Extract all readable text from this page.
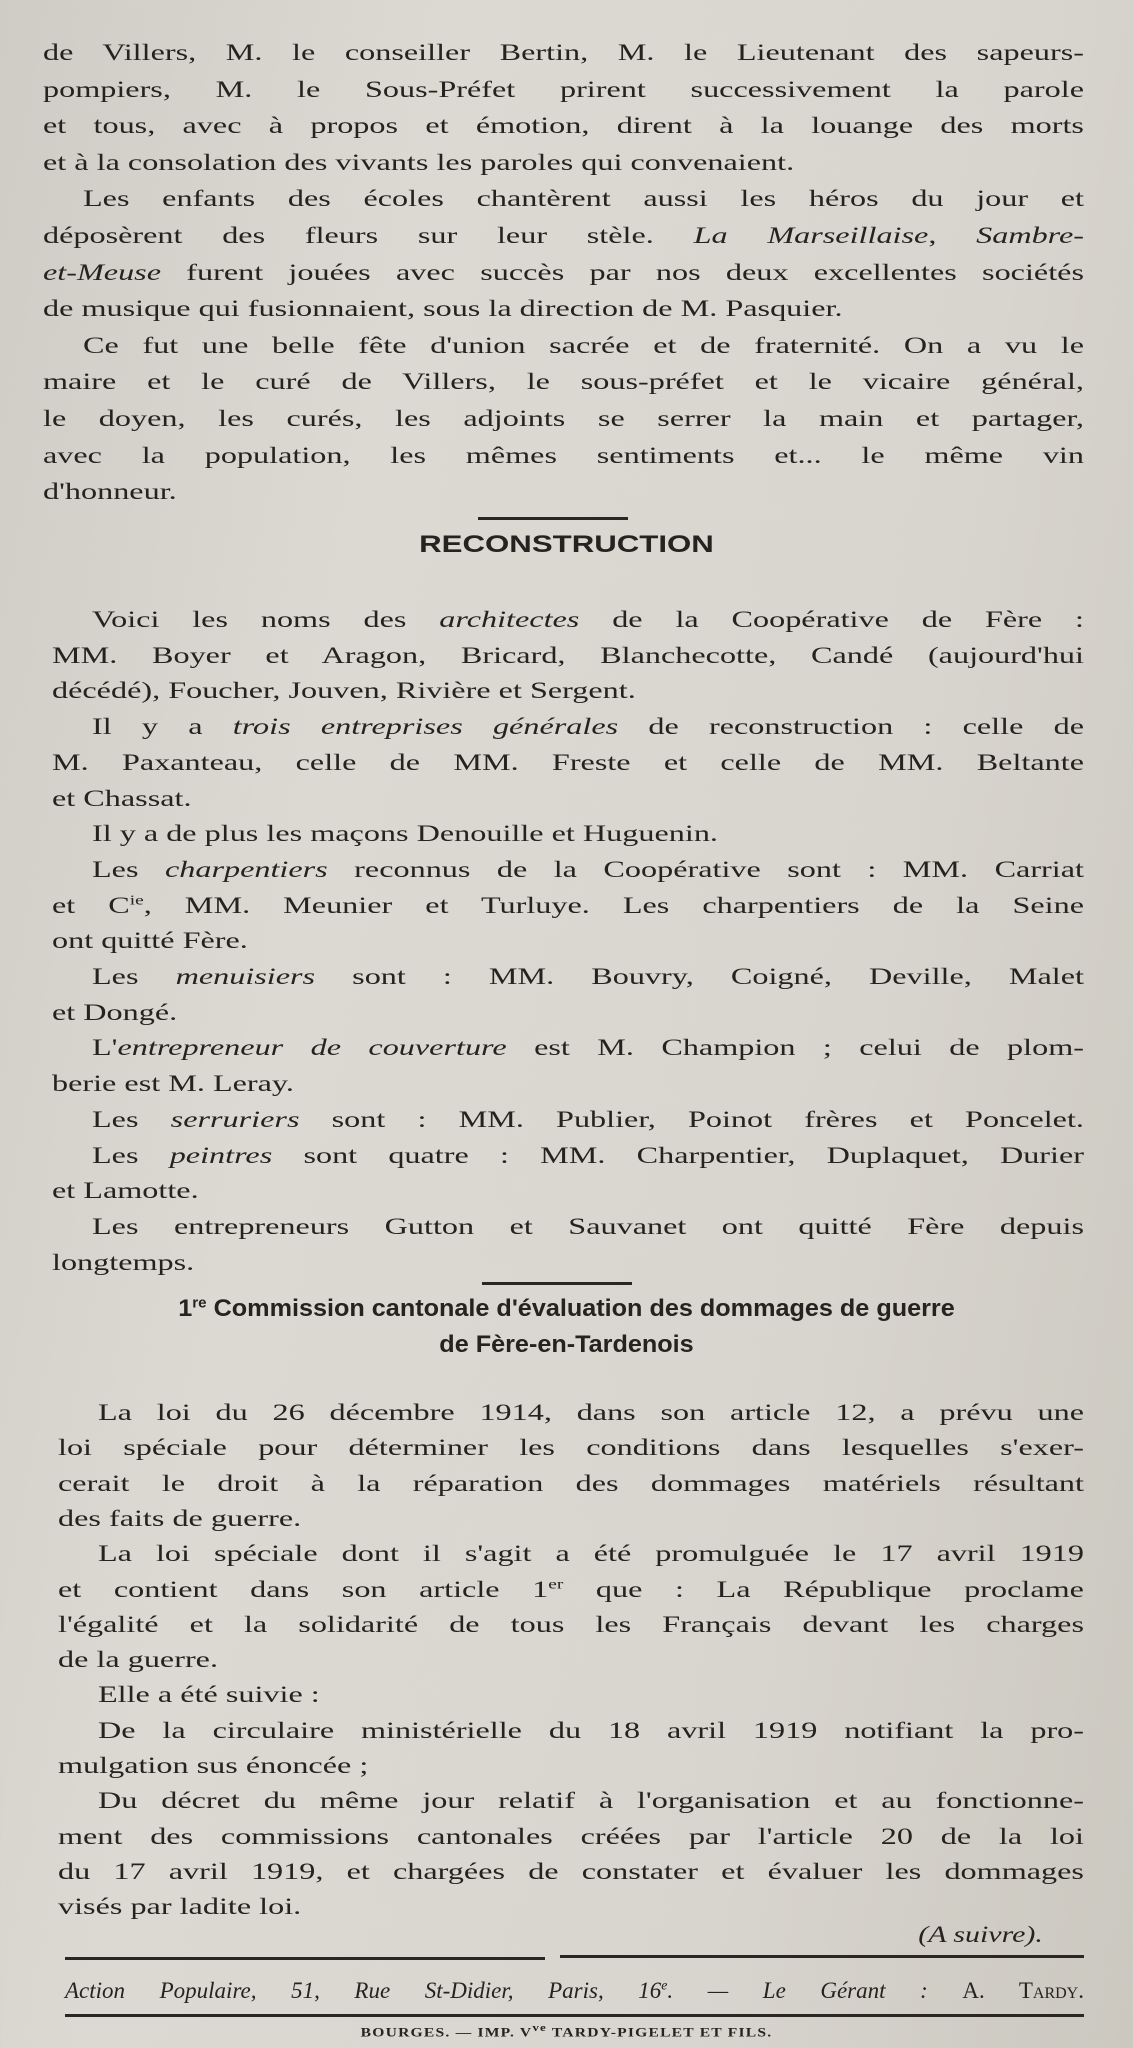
de Villers, M. le conseiller Bertin, M. le Lieutenant des sapeurs-
pompiers, M. le Sous-Préfet prirent successivement la parole
et tous, avec à propos et émotion, dirent à la louange des morts
et à la consolation des vivants les paroles qui convenaient.
Les enfants des écoles chantèrent aussi les héros du jour et
déposèrent des fleurs sur leur stèle. La Marseillaise, Sambre-
et-Meuse furent jouées avec succès par nos deux excellentes sociétés
de musique qui fusionnaient, sous la direction de M. Pasquier.
Ce fut une belle fête d'union sacrée et de fraternité. On a vu le
maire et le curé de Villers, le sous-préfet et le vicaire général,
le doyen, les curés, les adjoints se serrer la main et partager,
avec la population, les mêmes sentiments et... le même vin
d'honneur.
RECONSTRUCTION
Voici les noms des architectes de la Coopérative de Fère :
MM. Boyer et Aragon, Bricard, Blanchecotte, Candé (aujourd'hui
décédé), Foucher, Jouven, Rivière et Sergent.
Il y a trois entreprises générales de reconstruction : celle de
M. Paxanteau, celle de MM. Freste et celle de MM. Beltante
et Chassat.
Il y a de plus les maçons Denouille et Huguenin.
Les charpentiers reconnus de la Coopérative sont : MM. Carriat
et $C^{ie}$, MM. Meunier et Turluye. Les charpentiers de la Seine
ont quitté Fère.
Les menuisiers sont : MM. Bouvry, Coigné, Deville, Malet
et Dongé.
L'entrepreneur de couverture est M. Champion ; celui de plom-
berie est M. Leray.
Les serruriers sont : MM. Publier, Poinot frères et Poncelet.
Les peintres sont quatre : MM. Charpentier, Duplaquet, Durier
et Lamotte.
Les entrepreneurs Gutton et Sauvanet ont quitté Fère depuis
longtemps.
1re Commission cantonale d'évaluation des dommages de guerre
de Fère-en-Tardenois
La loi du 26 décembre 1914, dans son article 12, a prévu une
loi spéciale pour déterminer les conditions dans lesquelles s'exer-
cerait le droit à la réparation des dommages matériels résultant
des faits de guerre.
La loi spéciale dont il s'agit a été promulguée le 17 avril 1919
et contient dans son article 1er que : La République proclame
l'égalité et la solidarité de tous les Français devant les charges
de la guerre.
Elle a été suivie :
De la circulaire ministérielle du 18 avril 1919 notifiant la pro-
mulgation sus énoncée ;
Du décret du même jour relatif à l'organisation et au fonctionne-
ment des commissions cantonales créées par l'article 20 de la loi
du 17 avril 1919, et chargées de constater et évaluer les dommages
visés par ladite loi.
(A suivre).
Action Populaire, 51, Rue St-Didier, Paris, 16e. — Le Gérant : A. Tardy.
BOURGES. — IMP. $V^{ve}$ TARDY-PIGELET ET FILS.
